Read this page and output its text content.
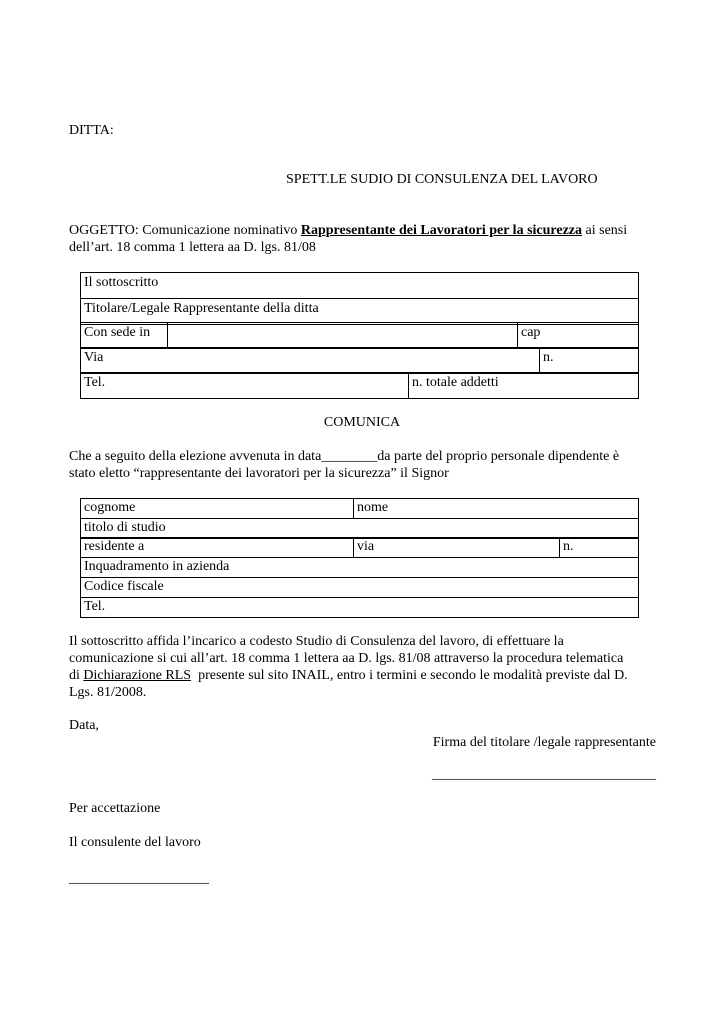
DITTA:
SPETT.LE SUDIO DI CONSULENZA DEL LAVORO
OGGETTO: Comunicazione nominativo Rappresentante dei Lavoratori per la sicurezza ai sensi
dell’art. 18 comma 1 lettera aa D. lgs. 81/08
Il sottoscritto	
Titolare/Legale Rappresentante della ditta
Con sede in		cap
Via	n.
Tel.	n. totale addetti
COMUNICA
Che a seguito della elezione avvenuta in data________da parte del proprio personale dipendente è
stato eletto “rappresentante dei lavoratori per la sicurezza” il Signor
cognome	nome
titolo di studio
residente a	via	n.
Inquadramento in azienda
Codice fiscale
Tel.
Il sottoscritto affida l’incarico a codesto Studio di Consulenza del lavoro, di effettuare la
comunicazione si cui all’art. 18 comma 1 lettera aa D. lgs. 81/08 attraverso la procedura telematica
di Dichiarazione RLS  presente sul sito INAIL, entro i termini e secondo le modalità previste dal D.
Lgs. 81/2008.
Data,
Firma del titolare /legale rappresentante
________________________________
Per accettazione
Il consulente del lavoro
____________________
